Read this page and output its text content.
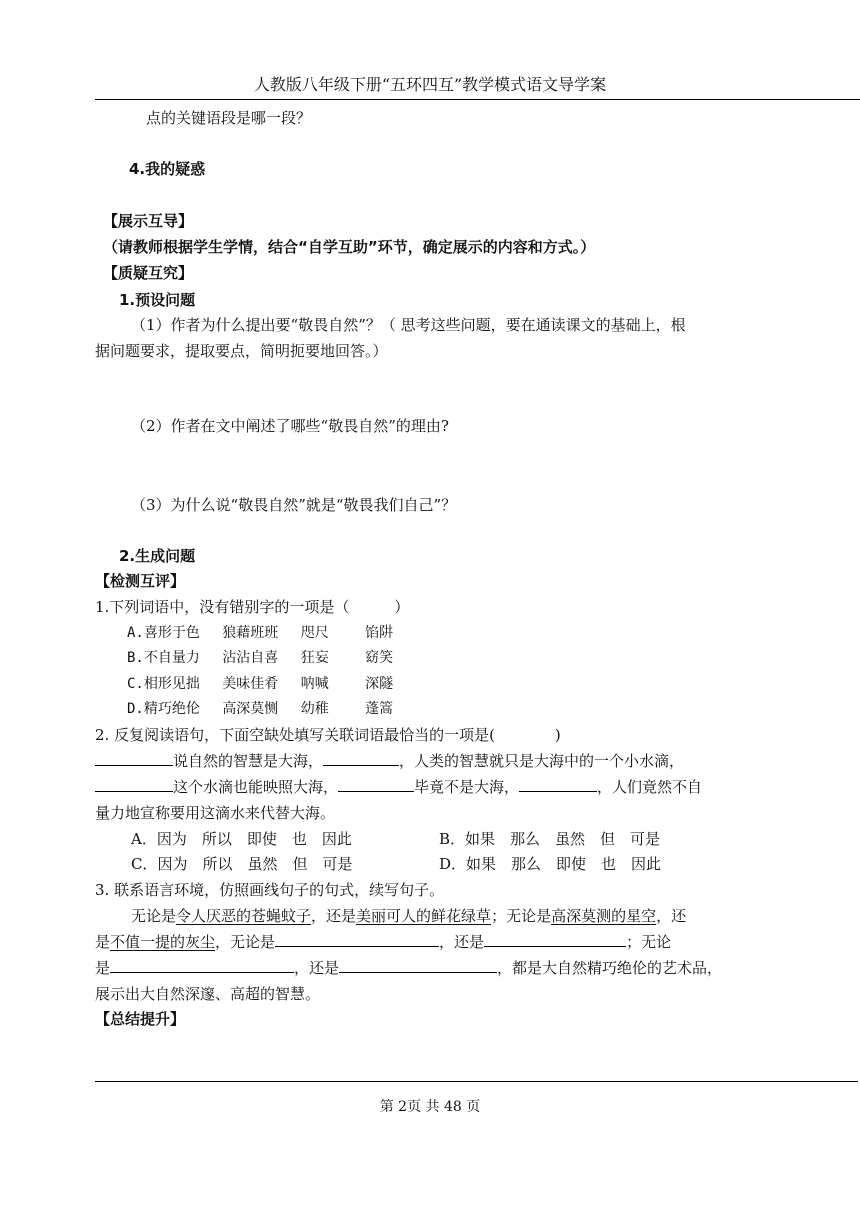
人教版八年级下册“五环四互”教学模式语文导学案
点的关键语段是哪一段？
4.我的疑惑
【展示互导】
（请教师根据学生学情，结合“自学互助”环节，确定展示的内容和方式。）
【质疑互究】
1.预设问题
（1）作者为什么提出要“敬畏自然”？（ 思考这些问题，要在通读课文的基础上，根
据问题要求，提取要点，简明扼要地回答。）
（2）作者在文中阐述了哪些“敬畏自然”的理由?
（3）为什么说“敬畏自然”就是“敬畏我们自己”？
2.生成问题
【检测互评】
1.下列词语中，没有错别字的一项是（　　　）
A.喜形于色　 狼藉班班　 咫尺　　 馅阱
B.不自量力　 沾沾自喜　 狂妄　　 窈笑
C.相形见拙　 美味佳肴　 呐喊　　 深隧
D.精巧绝伦　 高深莫恻　 幼稚　　 蓬篙
2. 反复阅读语句，下面空缺处填写关联词语最恰当的一项是(　　　　)
说自然的智慧是大海，	，人类的智慧就只是大海中的一个小水滴，
这个水滴也能映照大海，	毕竟不是大海，	，人们竟然不自
量力地宣称要用这滴水来代替大海。
A．因为　所以　即使　也　因此	B．如果　那么　虽然　但　可是
C．因为　所以　虽然　但　可是	D．如果　那么　即使　也　因此
3. 联系语言环境，仿照画线句子的句式，续写句子。
无论是令人厌恶的苍蝇蚊子，还是美丽可人的鲜花绿草；无论是高深莫测的星空，还
是不值一提的灰尘，无论是	，还是	；无论
是	，还是	，都是大自然精巧绝伦的艺术品，
展示出大自然深邃、高超的智慧。
【总结提升】
第 2页 共 48 页
